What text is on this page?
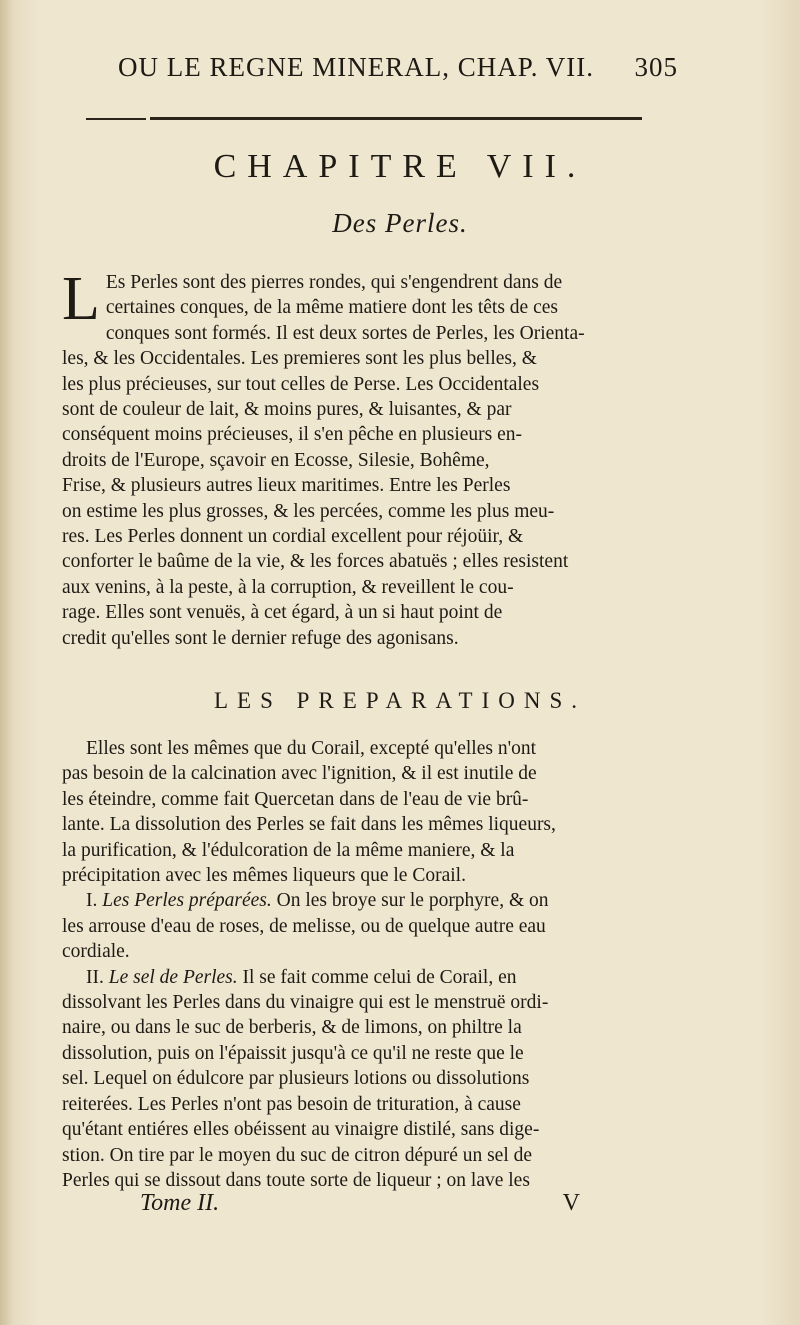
OU LE REGNE MINERAL, CHAP. VII. 305
CHAPITRE VII.
Des Perles.
L Es Perles sont des pierres rondes, qui s'engendrent dans de
certaines conques, de la même matiere dont les têts de ces
conques sont formés. Il est deux sortes de Perles, les Orienta-
les, & les Occidentales. Les premieres sont les plus belles, &
les plus précieuses, sur tout celles de Perse. Les Occidentales
sont de couleur de lait, & moins pures, & luisantes, & par
conséquent moins précieuses, il s'en pêche en plusieurs en-
droits de l'Europe, sçavoir en Ecosse, Silesie, Bohême,
Frise, & plusieurs autres lieux maritimes. Entre les Perles
on estime les plus grosses, & les percées, comme les plus meu-
res. Les Perles donnent un cordial excellent pour réjoüir, &
conforter le baûme de la vie, & les forces abatuës ; elles resistent
aux venins, à la peste, à la corruption, & reveillent le cou-
rage. Elles sont venuës, à cet égard, à un si haut point de
credit qu'elles sont le dernier refuge des agonisans.
LES PREPARATIONS.
Elles sont les mêmes que du Corail, excepté qu'elles n'ont
pas besoin de la calcination avec l'ignition, & il est inutile de
les éteindre, comme fait Quercetan dans de l'eau de vie brû-
lante. La dissolution des Perles se fait dans les mêmes liqueurs,
la purification, & l'édulcoration de la même maniere, & la
précipitation avec les mêmes liqueurs que le Corail.
I. Les Perles préparées. On les broye sur le porphyre, & on
les arrouse d'eau de roses, de melisse, ou de quelque autre eau
cordiale.
II. Le sel de Perles. Il se fait comme celui de Corail, en
dissolvant les Perles dans du vinaigre qui est le menstruë ordi-
naire, ou dans le suc de berberis, & de limons, on philtre la
dissolution, puis on l'épaissit jusqu'à ce qu'il ne reste que le
sel. Lequel on édulcore par plusieurs lotions ou dissolutions
reiterées. Les Perles n'ont pas besoin de trituration, à cause
qu'étant entiéres elles obéissent au vinaigre distilé, sans dige-
stion. On tire par le moyen du suc de citron dépuré un sel de
Perles qui se dissout dans toute sorte de liqueur ; on lave les
Tome II.	V
